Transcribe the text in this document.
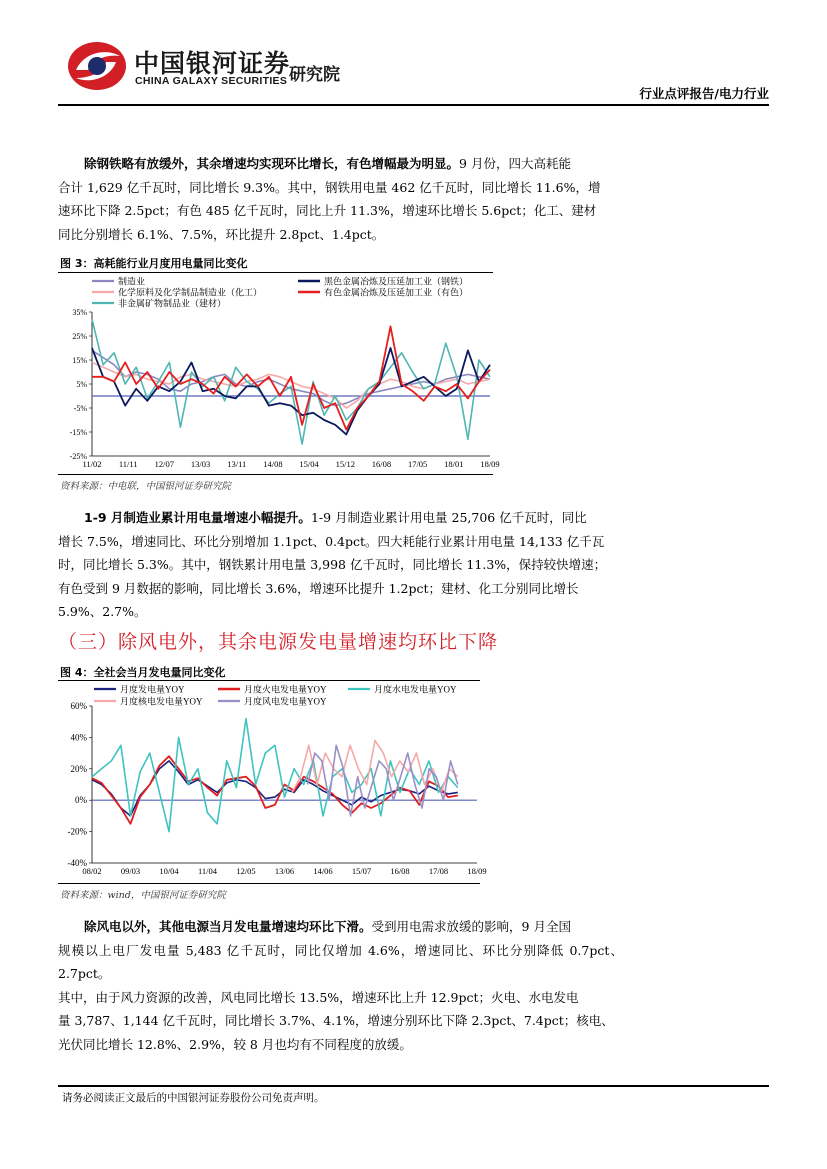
中国银河证券
CHINA GALAXY SECURITIES 研究院
行业点评报告/电力行业
除钢铁略有放缓外，其余增速均实现环比增长，有色增幅最为明显。9 月份，四大高耗能
合计 1,629 亿千瓦时，同比增长 9.3%。其中，钢铁用电量 462 亿千瓦时，同比增长 11.6%，增
速环比下降 2.5pct；有色 485 亿千瓦时，同比上升 11.3%，增速环比增长 5.6pct；化工、建材
同比分别增长 6.1%、7.5%，环比提升 2.8pct、1.4pct。
图 3：高耗能行业月度用电量同比变化
35%
25%
15%
5%
-5%
-15%
-25%
11/02 11/11 12/07 13/03 13/11 14/08 15/04 15/12 16/08 17/05 18/01 18/09
制造业
化学原料及化学制品制造业（化工）
非金属矿物制品业（建材）
黑色金属冶炼及压延加工业（钢铁）
有色金属冶炼及压延加工业（有色）
资料来源：中电联，中国银河证券研究院
1-9 月制造业累计用电量增速小幅提升。1-9 月制造业累计用电量 25,706 亿千瓦时，同比
增长 7.5%，增速同比、环比分别增加 1.1pct、0.4pct。四大耗能行业累计用电量 14,133 亿千瓦
时，同比增长 5.3%。其中，钢铁累计用电量 3,998 亿千瓦时，同比增长 11.3%，保持较快增速；
有色受到 9 月数据的影响，同比增长 3.6%，增速环比提升 1.2pct；建材、化工分别同比增长
5.9%、2.7%。
（三）除风电外，其余电源发电量增速均环比下降
图 4：全社会当月发电量同比变化
60%
40%
20%
0%
-20%
-40%
08/02 09/03 10/04 11/04 12/05 13/06 14/06 15/07 16/08 17/08 18/09
月度发电量YOY	月度火电发电量YOY	月度水电发电量YOY
月度核电发电量YOY	月度风电发电量YOY
资料来源：wind，中国银河证券研究院
除风电以外，其他电源当月发电量增速均环比下滑。受到用电需求放缓的影响，9 月全国
规模以上电厂发电量 5,483 亿千瓦时，同比仅增加 4.6%，增速同比、环比分别降低 0.7pct、2.7pct。
其中，由于风力资源的改善，风电同比增长 13.5%，增速环比上升 12.9pct；火电、水电发电
量 3,787、1,144 亿千瓦时，同比增长 3.7%、4.1%，增速分别环比下降 2.3pct、7.4pct；核电、
光伏同比增长 12.8%、2.9%，较 8 月也均有不同程度的放缓。
请务必阅读正文最后的中国银河证券股份公司免责声明。
